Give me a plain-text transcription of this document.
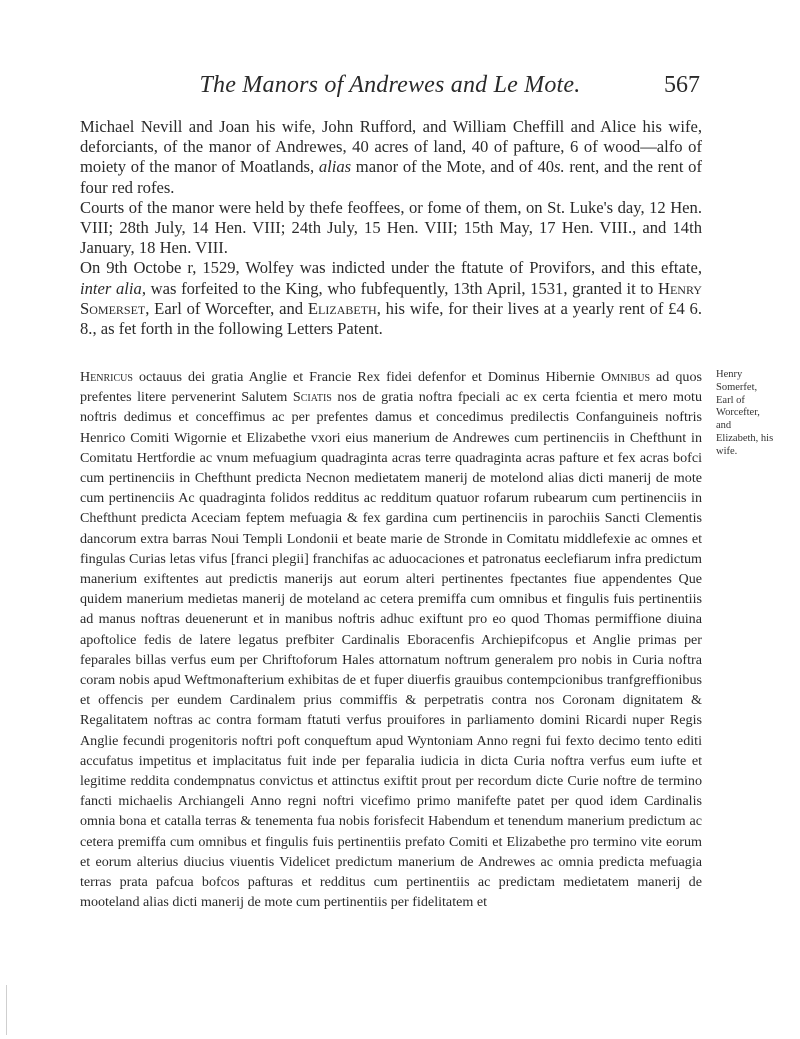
The Manors of Andrewes and Le Mote.	567

Michael Nevill and Joan his wife, John Rufford, and William Cheffill and Alice his wife, deforciants, of the manor of Andrewes, 40 acres of land, 40 of pafture, 6 of wood—alfo of moiety of the manor of Moatlands, alias manor of the Mote, and of 40s. rent, and the rent of four red rofes.

Courts of the manor were held by thefe feoffees, or fome of them, on St. Luke's day, 12 Hen. VIII; 28th July, 14 Hen. VIII; 24th July, 15 Hen. VIII; 15th May, 17 Hen. VIII., and 14th January, 18 Hen. VIII.

On 9th Octobe r, 1529, Wolfey was indicted under the ftatute of Provifors, and this eftate, inter alia, was forfeited to the King, who fubfequently, 13th April, 1531, granted it to Henry Somerset, Earl of Worcefter, and Elizabeth, his wife, for their lives at a yearly rent of £4 6. 8., as fet forth in the following Letters Patent.

Henricus octauus dei gratia Anglie et Francie Rex fidei defenfor et Dominus Hibernie Omnibus ad quos prefentes litere pervenerint Salutem Sciatis nos de gratia noftra fpeciali ac ex certa fcientia et mero motu noftris dedimus et conceffimus ac per prefentes damus et concedimus predilectis Confanguineis noftris Henrico Comiti Wigornie et Elizabethe vxori eius manerium de Andrewes cum pertinenciis in Chefthunt in Comitatu Hertfordie ac vnum mefuagium quadraginta acras terre quadraginta acras pafture et fex acras bofci cum pertinenciis in Chefthunt predicta Necnon medietatem manerij de motelond alias dicti manerij de mote cum pertinenciis Ac quadraginta folidos redditus ac redditum quatuor rofarum rubearum cum pertinenciis in Chefthunt predicta Aceciam feptem mefuagia & fex gardina cum pertinenciis in parochiis Sancti Clementis dancorum extra barras Noui Templi Londonii et beate marie de Stronde in Comitatu middlefexie ac omnes et fingulas Curias letas vifus [franci plegii] franchifas ac aduocaciones et patronatus eeclefiarum infra predictum manerium exiftentes aut predictis manerijs aut eorum alteri pertinentes fpectantes fiue appendentes Que quidem manerium medietas manerij de moteland ac cetera premiffa cum omnibus et fingulis fuis pertinentiis ad manus noftras deuenerunt et in manibus noftris adhuc exiftunt pro eo quod Thomas permiffione diuina apoftolice fedis de latere legatus prefbiter Cardinalis Eboracenfis Archiepifcopus et Anglie primas per feparales billas verfus eum per Chriftoforum Hales attornatum noftrum generalem pro nobis in Curia noftra coram nobis apud Weftmonafterium exhibitas de et fuper diuerfis grauibus contempcionibus tranfgreffionibus et offencis per eundem Cardinalem prius commiffis & perpetratis contra nos Coronam dignitatem & Regalitatem noftras ac contra formam ftatuti verfus prouifores in parliamento domini Ricardi nuper Regis Anglie fecundi progenitoris noftri poft conqueftum apud Wyntoniam Anno regni fui fexto decimo tento editi accufatus impetitus et implacitatus fuit inde per feparalia iudicia in dicta Curia noftra verfus eum iufte et legitime reddita condempnatus convictus et attinctus exiftit prout per recordum dicte Curie noftre de termino fancti michaelis Archiangeli Anno regni noftri vicefimo primo manifefte patet per quod idem Cardinalis omnia bona et catalla terras & tenementa fua nobis forisfecit Habendum et tenendum manerium predictum ac cetera premiffa cum omnibus et fingulis fuis pertinentiis prefato Comiti et Elizabethe pro termino vite eorum et eorum alterius diucius viuentis Videlicet predictum manerium de Andrewes ac omnia predicta mefuagia terras prata pafcua bofcos pafturas et redditus cum pertinentiis ac predictam medietatem manerij de mooteland alias dicti manerij de mote cum pertinentiis per fidelitatem et

Henry Somerfet, Earl of Worcefter, and Elizabeth, his wife.
